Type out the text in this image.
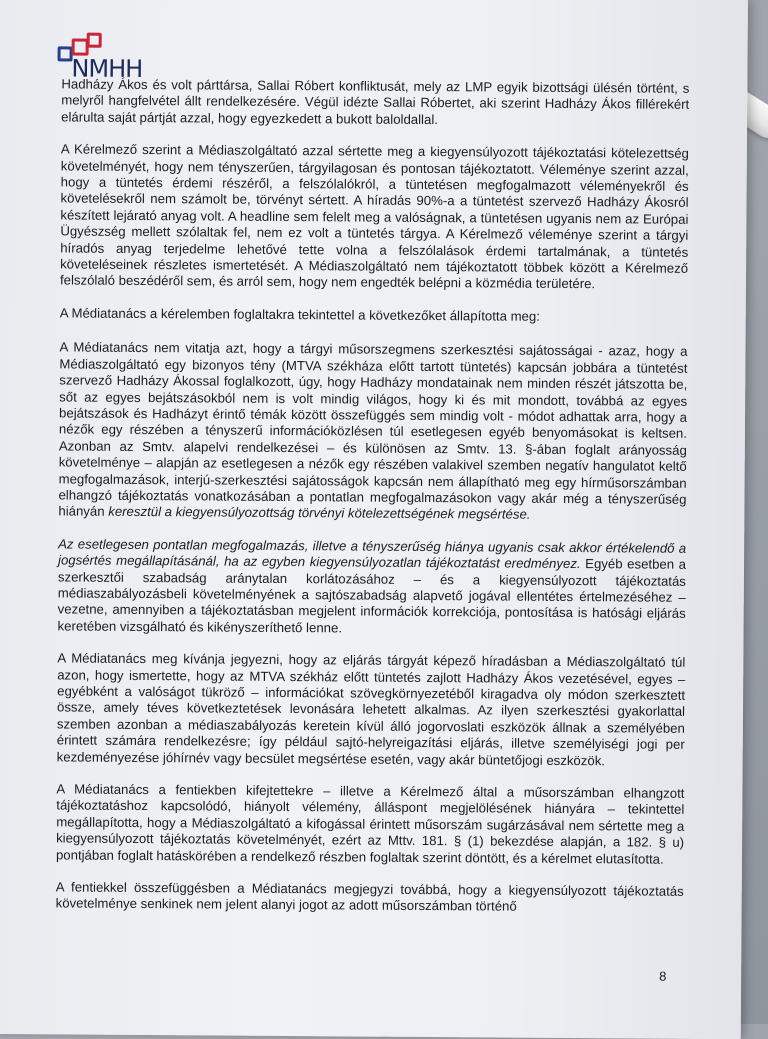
NMHH

Hadházy Ákos és volt párttársa, Sallai Róbert konfliktusát, mely az LMP egyik bizottsági ülésén történt, s melyről hangfelvétel állt rendelkezésére. Végül idézte Sallai Róbertet, aki szerint Hadházy Ákos fillérekért elárulta saját pártját azzal, hogy egyezkedett a bukott baloldallal.

A Kérelmező szerint a Médiaszolgáltató azzal sértette meg a kiegyensúlyozott tájékoztatási kötelezettség követelményét, hogy nem tényszerűen, tárgyilagosan és pontosan tájékoztatott. Véleménye szerint azzal, hogy a tüntetés érdemi részéről, a felszólalókról, a tüntetésen megfogalmazott véleményekről és követelésekről nem számolt be, törvényt sértett. A híradás 90%-a a tüntetést szervező Hadházy Ákosról készített lejárató anyag volt. A headline sem felelt meg a valóságnak, a tüntetésen ugyanis nem az Európai Ügyészség mellett szólaltak fel, nem ez volt a tüntetés tárgya. A Kérelmező véleménye szerint a tárgyi híradós anyag terjedelme lehetővé tette volna a felszólalások érdemi tartalmának, a tüntetés követeléseinek részletes ismertetését. A Médiaszolgáltató nem tájékoztatott többek között a Kérelmező felszólaló beszédéről sem, és arról sem, hogy nem engedték belépni a közmédia területére.

A Médiatanács a kérelemben foglaltakra tekintettel a következőket állapította meg:

A Médiatanács nem vitatja azt, hogy a tárgyi műsorszegmens szerkesztési sajátosságai - azaz, hogy a Médiaszolgáltató egy bizonyos tény (MTVA székháza előtt tartott tüntetés) kapcsán jobbára a tüntetést szervező Hadházy Ákossal foglalkozott, úgy, hogy Hadházy mondatainak nem minden részét játszotta be, sőt az egyes bejátszásokból nem is volt mindig világos, hogy ki és mit mondott, továbbá az egyes bejátszások és Hadházyt érintő témák között összefüggés sem mindig volt - módot adhattak arra, hogy a nézők egy részében a tényszerű információközlésen túl esetlegesen egyéb benyomásokat is keltsen. Azonban az Smtv. alapelvi rendelkezései – és különösen az Smtv. 13. §-ában foglalt arányosság követelménye – alapján az esetlegesen a nézők egy részében valakivel szemben negatív hangulatot keltő megfogalmazások, interjú-szerkesztési sajátosságok kapcsán nem állapítható meg egy hírműsorszámban elhangzó tájékoztatás vonatkozásában a pontatlan megfogalmazásokon vagy akár még a tényszerűség hiányán keresztül a kiegyensúlyozottság törvényi kötelezettségének megsértése.

Az esetlegesen pontatlan megfogalmazás, illetve a tényszerűség hiánya ugyanis csak akkor értékelendő a jogsértés megállapításánál, ha az egyben kiegyensúlyozatlan tájékoztatást eredményez. Egyéb esetben a szerkesztői szabadság aránytalan korlátozásához – és a kiegyensúlyozott tájékoztatás médiaszabályozásbeli követelményének a sajtószabadság alapvető jogával ellentétes értelmezéséhez – vezetne, amennyiben a tájékoztatásban megjelent információk korrekciója, pontosítása is hatósági eljárás keretében vizsgálható és kikényszeríthető lenne.

A Médiatanács meg kívánja jegyezni, hogy az eljárás tárgyát képező híradásban a Médiaszolgáltató túl azon, hogy ismertette, hogy az MTVA székház előtt tüntetés zajlott Hadházy Ákos vezetésével, egyes – egyébként a valóságot tükröző – információkat szövegkörnyezetéből kiragadva oly módon szerkesztett össze, amely téves következtetések levonására lehetett alkalmas. Az ilyen szerkesztési gyakorlattal szemben azonban a médiaszabályozás keretein kívül álló jogorvoslati eszközök állnak a személyében érintett számára rendelkezésre; így például sajtó-helyreigazítási eljárás, illetve személyiségi jogi per kezdeményezése jóhírnév vagy becsület megsértése esetén, vagy akár büntetőjogi eszközök.

A Médiatanács a fentiekben kifejtettekre – illetve a Kérelmező által a műsorszámban elhangzott tájékoztatáshoz kapcsolódó, hiányolt vélemény, álláspont megjelölésének hiányára – tekintettel megállapította, hogy a Médiaszolgáltató a kifogással érintett műsorszám sugárzásával nem sértette meg a kiegyensúlyozott tájékoztatás követelményét, ezért az Mttv. 181. § (1) bekezdése alapján, a 182. § u) pontjában foglalt hatáskörében a rendelkező részben foglaltak szerint döntött, és a kérelmet elutasította.

A fentiekkel összefüggésben a Médiatanács megjegyzi továbbá, hogy a kiegyensúlyozott tájékoztatás követelménye senkinek nem jelent alanyi jogot az adott műsorszámban történő

8
